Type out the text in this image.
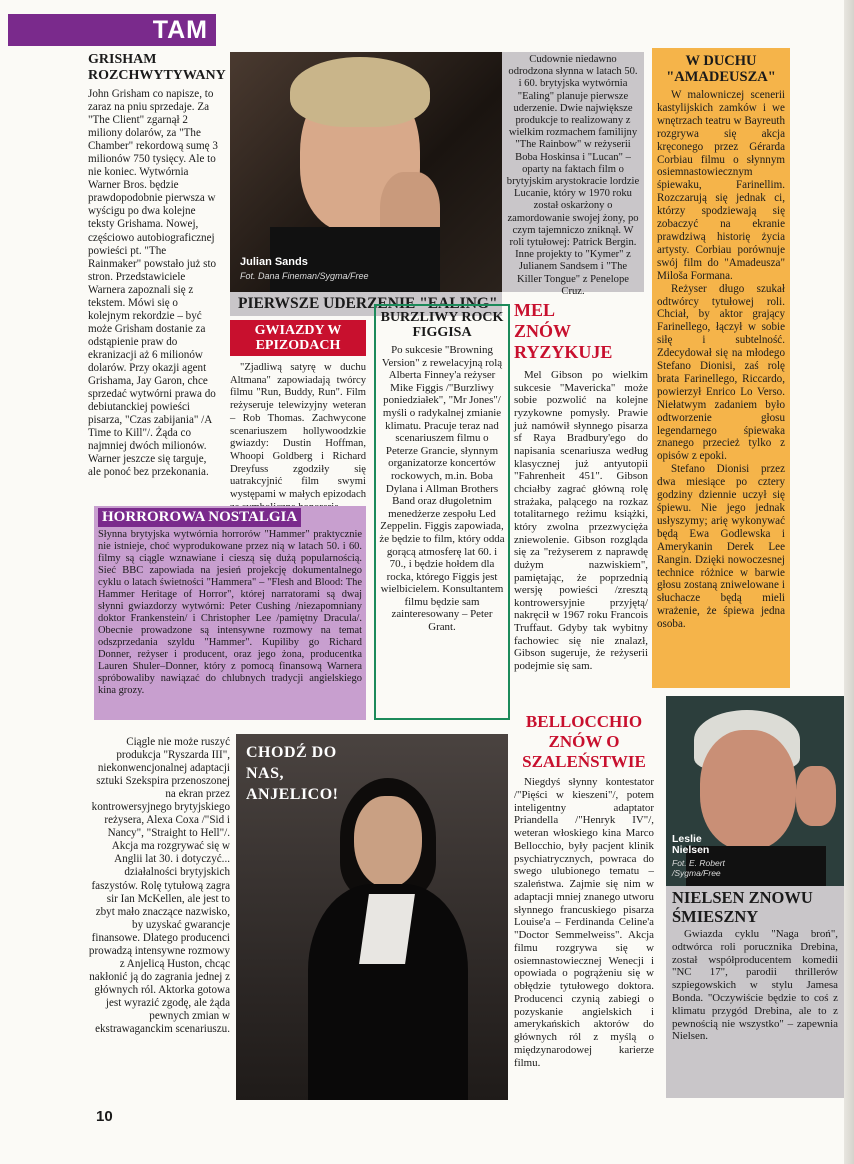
TAM
GRISHAM ROZCHWYTYWANY
John Grisham co napisze, to zaraz na pniu sprzedaje. Za "The Client" zgarnął 2 miliony dolarów, za "The Chamber" rekordową sumę 3 milionów 750 tysięcy. Ale to nie koniec. Wytwórnia Warner Bros. będzie prawdopodobnie pierwsza w wyścigu po dwa kolejne teksty Grishama. Nowej, częściowo autobiograficznej powieści pt. "The Rainmaker" powstało już sto stron. Przedstawiciele Warnera zapoznali się z tekstem. Mówi się o kolejnym rekordzie – być może Grisham dostanie za odstąpienie praw do ekranizacji aż 6 milionów dolarów. Przy okazji agent Grishama, Jay Garon, chce sprzedać wytwórni prawa do debiutanckiej powieści pisarza, "Czas zabijania" /A Time to Kill"/. Żąda co najmniej dwóch milionów. Warner jeszcze się targuje, ale ponoć bez przekonania.
Julian Sands
Fot. Dana Fineman/Sygma/Free
Cudownie niedawno odrodzona słynna w latach 50. i 60. brytyjska wytwórnia "Ealing" planuje pierwsze uderzenie. Dwie największe produkcje to realizowany z wielkim rozmachem familijny "The Rainbow" w reżyserii Boba Hoskinsa i "Lucan" – oparty na faktach film o brytyjskim arystokracie lordzie Lucanie, który w 1970 roku został oskarżony o zamordowanie swojej żony, po czym tajemniczo zniknął. W roli tytułowej: Patrick Bergin. Inne projekty to "Kymer" z Julianem Sandsem i "The Killer Tongue" z Penelope Cruz.
PIERWSZE UDERZENIE "EALING"
W DUCHU "AMADEUSZA"
W malowniczej scenerii kastylijskich zamków i we wnętrzach teatru w Bayreuth rozgrywa się akcja kręconego przez Gérarda Corbiau filmu o słynnym osiemnastowiecznym śpiewaku, Farinellim. Rozczarują się jednak ci, którzy spodziewają się zobaczyć na ekranie prawdziwą historię życia artysty. Corbiau porównuje swój film do "Amadeusza" Miloša Formana.
Reżyser długo szukał odtwórcy tytułowej roli. Chciał, by aktor grający Farinellego, łączył w sobie siłę i subtelność. Zdecydował się na młodego Stefano Dionisi, zaś rolę brata Farinellego, Riccardo, powierzył Enrico Lo Verso. Niełatwym zadaniem było odtworzenie głosu legendarnego śpiewaka znanego przecież tylko z opisów z epoki.
Stefano Dionisi przez dwa miesiące po cztery godziny dziennie uczył się śpiewu. Nie jego jednak usłyszymy; arię wykonywać będą Ewa Godlewska i Amerykanin Derek Lee Rangin. Dzięki nowoczesnej technice różnice w barwie głosu zostaną zniwelowane i słuchacze będą mieli wrażenie, że śpiewa jedna osoba.
GWIAZDY W EPIZODACH
"Zjadliwą satyrę w duchu Altmana" zapowiadają twórcy filmu "Run, Buddy, Run". Film reżyseruje telewizyjny weteran – Rob Thomas. Zachwycone scenariuszem hollywoodzkie gwiazdy: Dustin Hoffman, Whoopi Goldberg i Richard Dreyfuss zgodziły się uatrakcyjnić film swymi występami w małych epizodach
BURZLIWY ROCK FIGGISA
Po sukcesie "Browning Version" z rewelacyjną rolą Alberta Finney'a reżyser Mike Figgis /"Burzliwy poniedziałek", "Mr Jones"/ myśli o radykalnej zmianie klimatu. Pracuje teraz nad scenariuszem filmu o Peterze Grancie, słynnym organizatorze koncertów rockowych, m.in. Boba Dylana i Allman Brothers Band oraz długoletnim menedżerze zespołu Led Zeppelin. Figgis zapowiada, że będzie to film, który odda gorącą atmosferę lat 60. i 70., i będzie hołdem dla rocka, którego Figgis jest wielbicielem. Konsultantem filmu będzie sam zainteresowany – Peter Grant.
MEL ZNÓW RYZYKUJE
Mel Gibson po wielkim sukcesie "Mavericka" może sobie pozwolić na kolejne ryzykowne pomysły. Prawie już namówił słynnego pisarza sf Raya Bradbury'ego do napisania scenariusza według klasycznej już antyutopii "Fahrenheit 451". Gibson chciałby zagrać główną rolę strażaka, palącego na rozkaz totalitarnego reżimu książki, który zwolna przezwycięża zniewolenie. Gibson rozgląda się za "reżyserem z naprawdę dużym nazwiskiem", pamiętając, że poprzednią wersję powieści /zresztą kontrowersyjnie przyjętą/ nakręcił w 1967 roku Francois Truffaut. Gdyby tak wybitny fachowiec się nie znalazł, Gibson sugeruje, że reżyserii podejmie się sam.
HORROROWA NOSTALGIA
Słynna brytyjska wytwórnia horrorów "Hammer" praktycznie nie istnieje, choć wyprodukowane przez nią w latach 50. i 60. filmy są ciągle wznawiane i cieszą się dużą popularnością. Sieć BBC zapowiada na jesień projekcję dokumentalnego cyklu o latach świetności "Hammera" – "Flesh and Blood: The Hammer Heritage of Horror", której narratorami są dwaj słynni gwiazdorzy wytwórni: Peter Cushing /niezapomniany doktor Frankenstein/ i Christopher Lee /pamiętny Dracula/. Obecnie prowadzone są intensywne rozmowy na temat odszprzedania szyldu "Hammer". Kupiliby go Richard Donner, reżyser i producent, oraz jego żona, producentka Lauren Shuler–Donner, który z pomocą finansową Warnera spróbowaliby nawiązać do chlubnych tradycji angielskiego kina grozy.
Ciągle nie może ruszyć produkcja "Ryszarda III", niekonwencjonalnej adaptacji sztuki Szekspira przenoszonej na ekran przez kontrowersyjnego brytyjskiego reżysera, Alexa Coxa /"Sid i Nancy", "Straight to Hell"/. Akcja ma rozgrywać się w Anglii lat 30. i dotyczyć... działalności brytyjskich faszystów. Rolę tytułową zagra sir Ian McKellen, ale jest to zbyt mało znaczące nazwisko, by uzyskać gwarancje finansowe. Dlatego producenci prowadzą intensywne rozmowy z Anjelicą Huston, chcąc nakłonić ją do zagrania jednej z głównych ról. Aktorka gotowa jest wyrazić zgodę, ale żąda pewnych zmian w ekstrawaganckim scenariuszu.
CHODŹ DO NAS, ANJELICO!
BELLOCCHIO ZNÓW O SZALEŃSTWIE
Niegdyś słynny kontestator /"Pięści w kieszeni"/, potem inteligentny adaptator Priandella /"Henryk IV"/, weteran włoskiego kina Marco Bellocchio, były pacjent klinik psychiatrycznych, powraca do swego ulubionego tematu – szaleństwa. Zajmie się nim w adaptacji mniej znanego utworu słynnego francuskiego pisarza Louise'a – Ferdinanda Celine'a "Doctor Semmelweiss". Akcja filmu rozgrywa się w osiemnastowiecznej Wenecji i opowiada o pogrążeniu się w obłędzie tytułowego doktora. Producenci czynią zabiegi o pozyskanie angielskich i amerykańskich aktorów do głównych ról z myślą o międzynarodowej karierze filmu.
Leslie Nielsen
Fot. E. Robert /Sygma/Free
NIELSEN ZNOWU ŚMIESZNY
Gwiazda cyklu "Naga broń", odtwórca roli porucznika Drebina, został współproducentem komedii "NC 17", parodii thrillerów szpiegowskich w stylu Jamesa Bonda. "Oczywiście będzie to coś z klimatu przygód Drebina, ale to z pewnością nie wszystko" – zapewnia Nielsen.
10
